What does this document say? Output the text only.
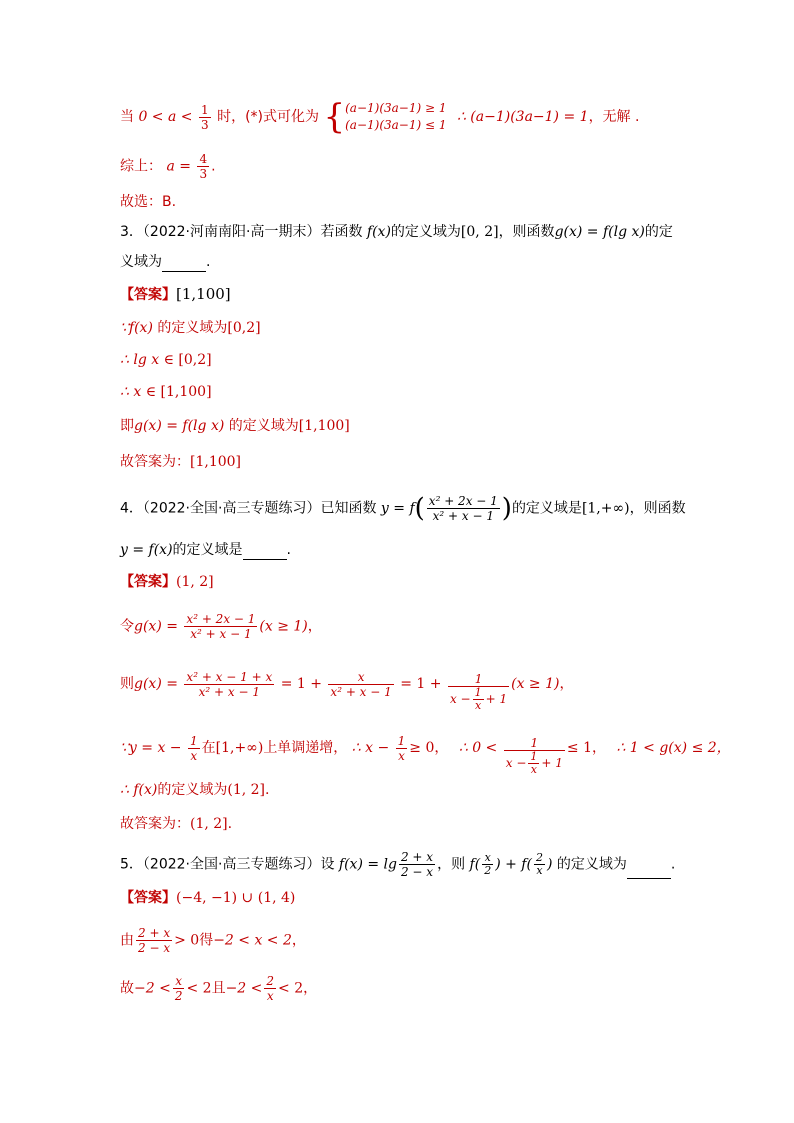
当 $0 < a < \frac{1}{3}$ 时，(*)式可化为 { (a−1)(3a−1) ≥ 1
(a−1)(3a−1) ≤ 1 ∴ (a−1)(3a−1) = 1，无解 .
综上： $a = \frac{4}{3}$ .
故选：B.
3．（2022·河南南阳·高一期末）若函数 f(x)的定义域为[0, 2]，则函数g(x) = f(lg x)的定
义域为	.
【答案】[1,100]
∵f(x) 的定义域为[0,2]
∴ lg x ∈ [0,2]
∴ x ∈ [1,100]
即g(x) = f(lg x) 的定义域为[1,100]
故答案为：[1,100]
4．（2022·全国·高三专题练习）已知函数 $y = f( \frac{\text{x² + 2x − 1}}{\text{x² + x − 1}}$ )的定义域是[1,+∞)，则函数
y = f(x)的定义域是	.
【答案】(1, 2]
令$g(x) = \frac{\text{x² + 2x − 1}}{\text{x² + x − 1}} (x \ge 1)$，
则$g(x) = \frac{\text{x² + x − 1 + x}}{\text{x² + x − 1}} = 1 + \frac{x}{\text{x² + x − 1}} = 1 + \frac{1}{x - \frac{1}{x} + 1} (x \ge 1)$，
∵y = $x - \frac{1}{x}$ 在[1,+∞)上单调递增， ∴ $x - \frac{1}{x} \ge 0$， ∴ $0 < \frac{1}{x - \frac{1}{x} + 1} \le 1$， ∴ 1 < g(x) ≤ 2，
∴ f(x)的定义域为(1, 2].
故答案为：(1, 2].
5．（2022·全国·高三专题练习）设 $f(x) = \lg \frac{2 + x}{2 - x}$ ，则 $f( \frac{x}{2}$ ) + $f( \frac{2}{x}$ ) 的定义域为	.
【答案】(−4, −1) ∪ (1, 4)
由 $\frac{2 + x}{2 - x} > 0$得−2 < x < 2，
故$-2 < \frac{x}{2} < 2$且$-2 < \frac{2}{x} < 2$，
